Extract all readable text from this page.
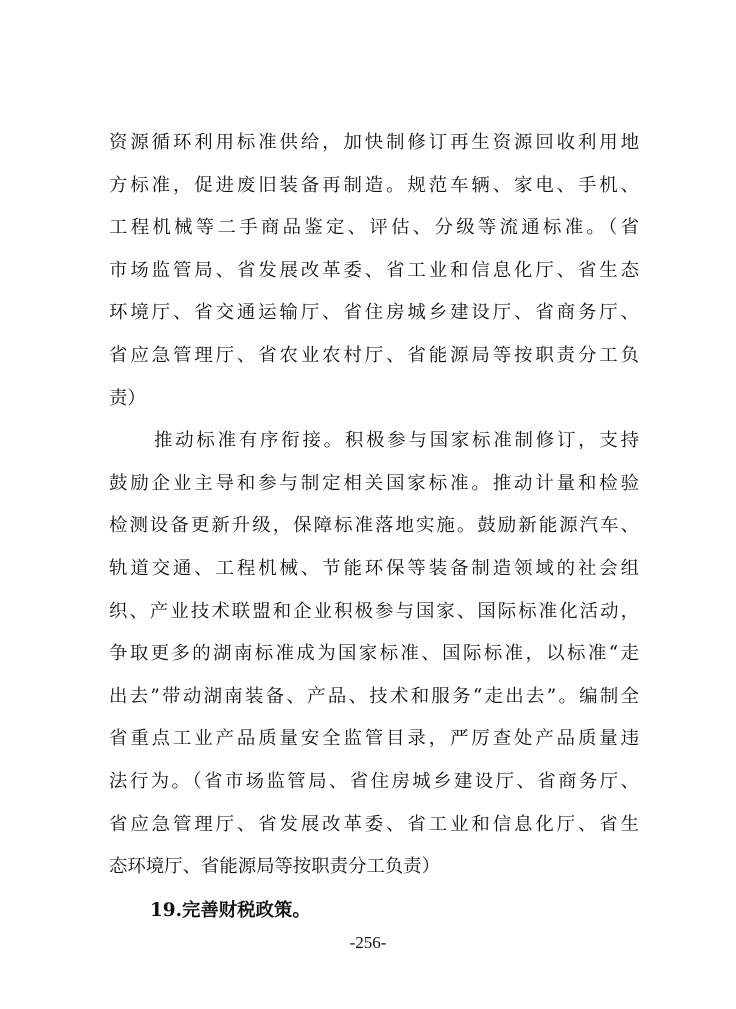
资源循环利用标准供给，加快制修订再生资源回收利用地
方标准，促进废旧装备再制造。规范车辆、家电、手机、
工程机械等二手商品鉴定、评估、分级等流通标准。（省
市场监管局、省发展改革委、省工业和信息化厅、省生态
环境厅、省交通运输厅、省住房城乡建设厅、省商务厅、
省应急管理厅、省农业农村厅、省能源局等按职责分工负
责）
推动标准有序衔接。积极参与国家标准制修订，支持
鼓励企业主导和参与制定相关国家标准。推动计量和检验
检测设备更新升级，保障标准落地实施。鼓励新能源汽车、
轨道交通、工程机械、节能环保等装备制造领域的社会组
织、产业技术联盟和企业积极参与国家、国际标准化活动，
争取更多的湖南标准成为国家标准、国际标准，以标准“走
出去”带动湖南装备、产品、技术和服务“走出去”。编制全
省重点工业产品质量安全监管目录，严厉查处产品质量违
法行为。（省市场监管局、省住房城乡建设厅、省商务厅、
省应急管理厅、省发展改革委、省工业和信息化厅、省生
态环境厅、省能源局等按职责分工负责）
19.完善财税政策。
-256-
